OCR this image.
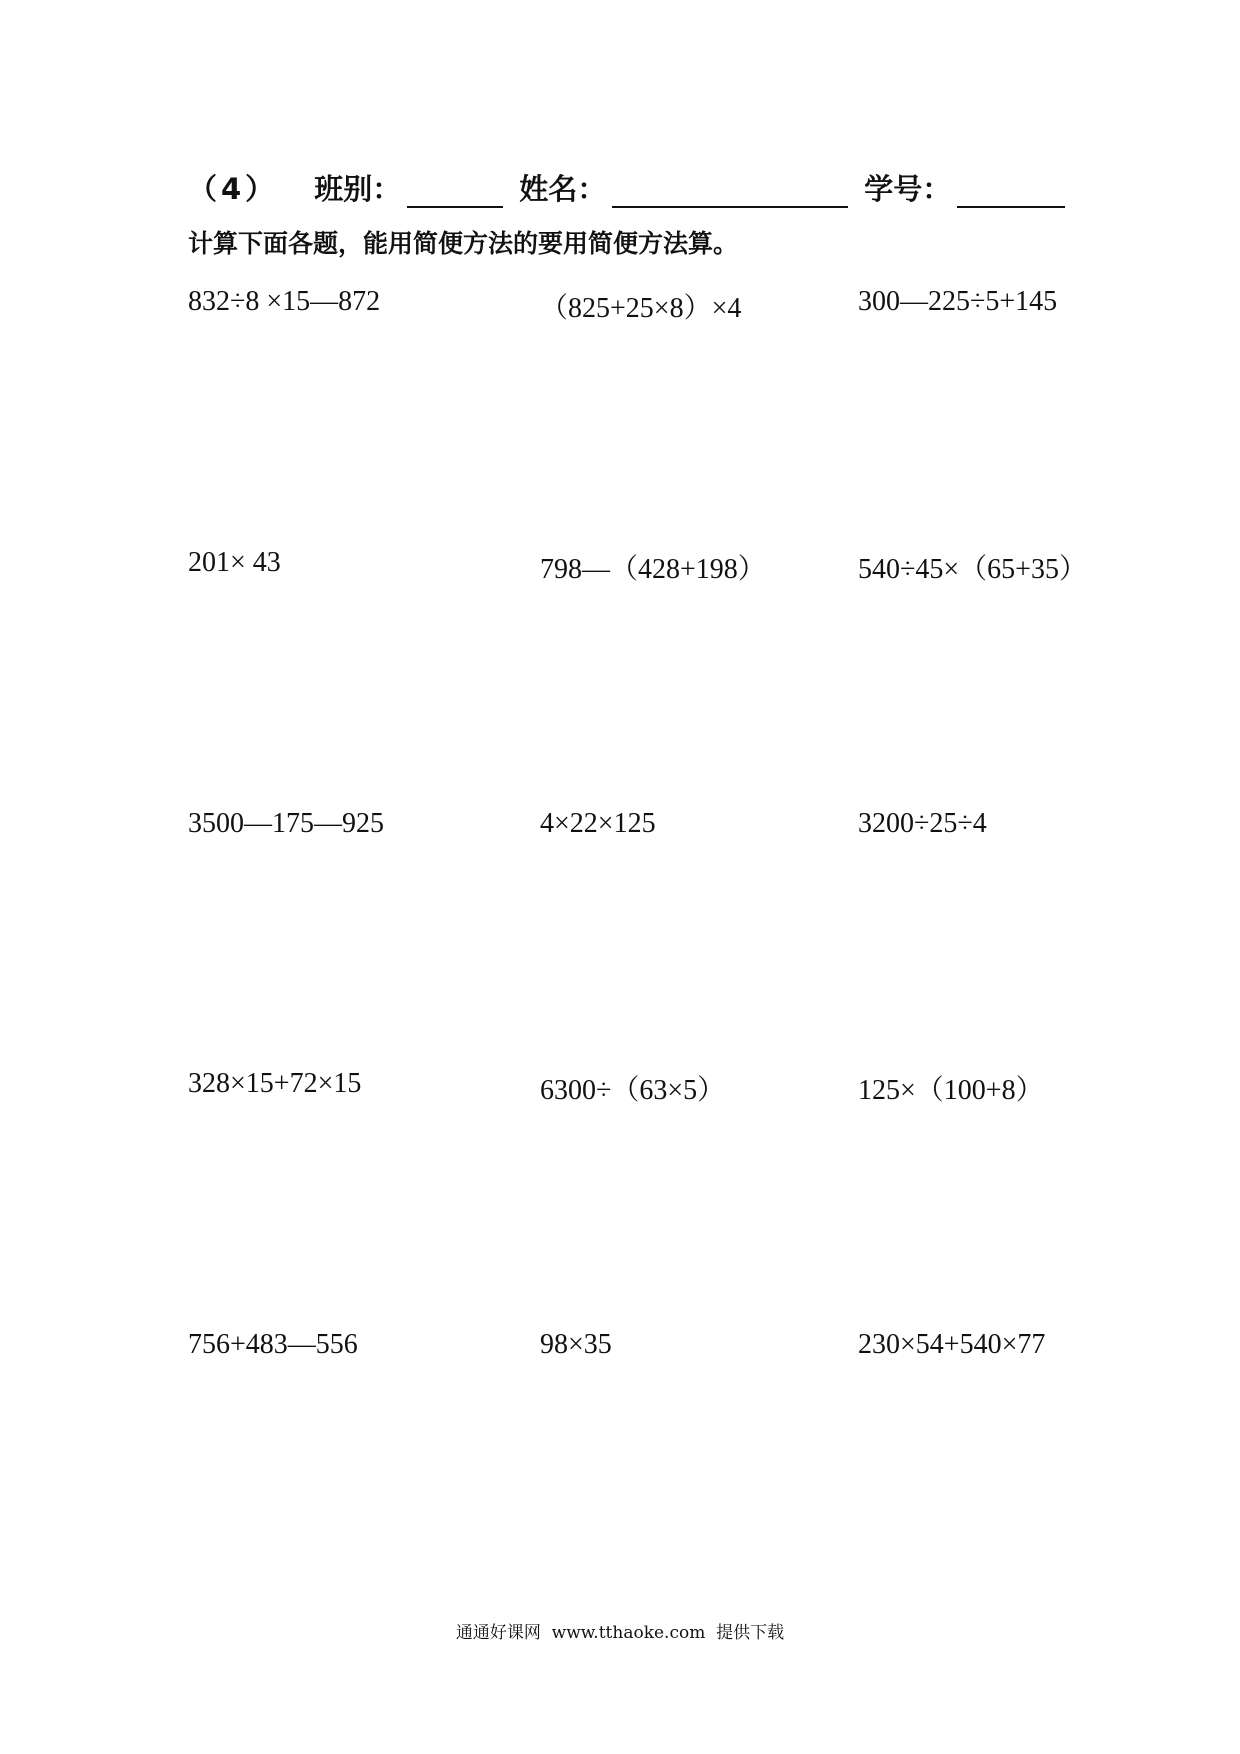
（4） 班别：	姓名：	学号：
计算下面各题，能用简便方法的要用简便方法算。
832÷8 ×15—872	（825+25×8）×4	300—225÷5+145
201× 43	798—（428+198）	540÷45×（65+35）
3500—175—925	4×22×125	3200÷25÷4
328×15+72×15	6300÷（63×5）	125×（100+8）
756+483—556	98×35	230×54+540×77
通通好课网  www.tthaoke.com  提供下载
